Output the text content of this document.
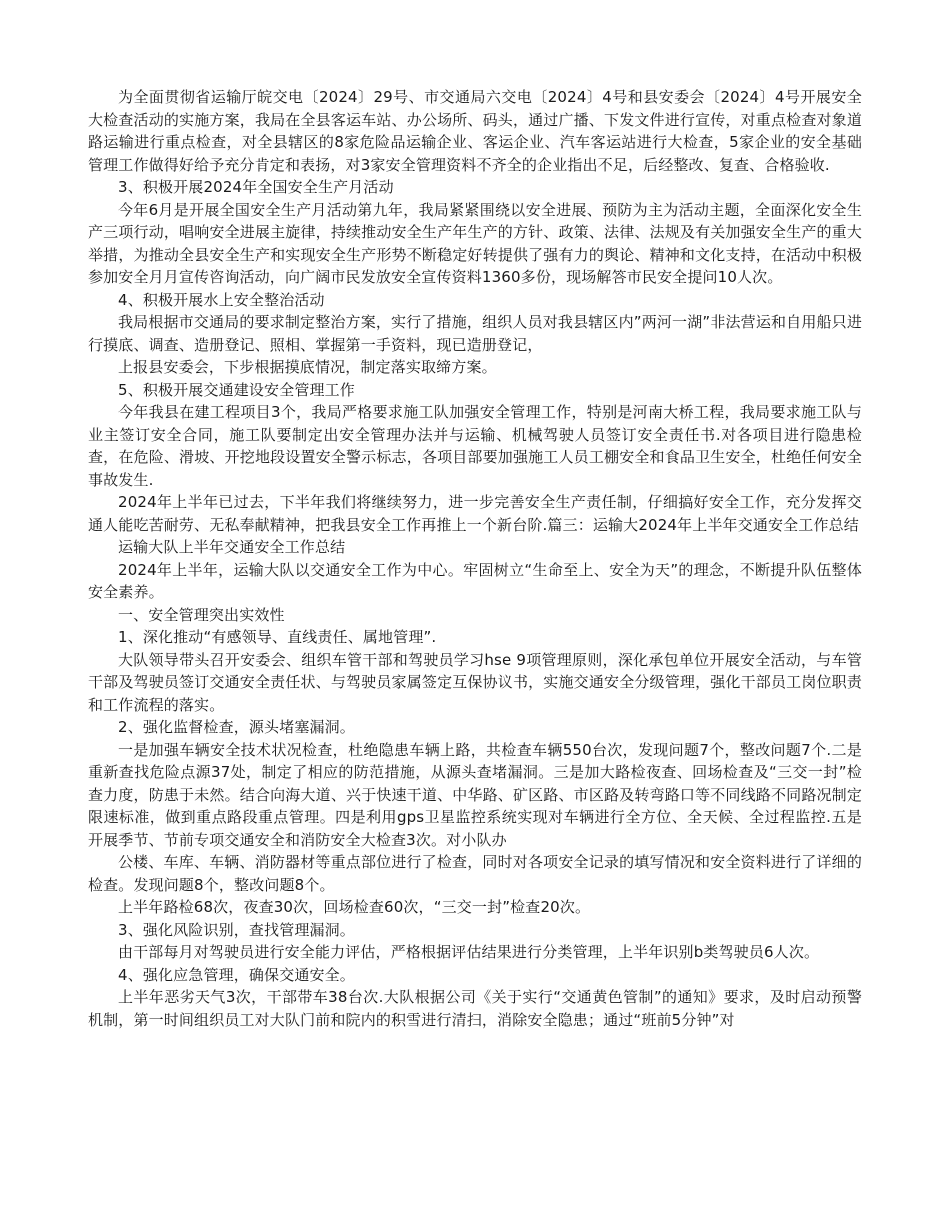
为全面贯彻省运输厅皖交电〔2024〕29号、市交通局六交电〔2024〕4号和县安委会〔2024〕4号开展安全大检查活动的实施方案，我局在全县客运车站、办公场所、码头，通过广播、下发文件进行宣传，对重点检查对象道路运输进行重点检查，对全县辖区的8家危险品运输企业、客运企业、汽车客运站进行大检查，5家企业的安全基础管理工作做得好给予充分肯定和表扬，对3家安全管理资料不齐全的企业指出不足，后经整改、复查、合格验收.

3、积极开展2024年全国安全生产月活动

今年6月是开展全国安全生产月活动第九年，我局紧紧围绕以安全进展、预防为主为活动主题，全面深化安全生产三项行动，唱响安全进展主旋律，持续推动安全生产年生产的方针、政策、法律、法规及有关加强安全生产的重大举措，为推动全县安全生产和实现安全生产形势不断稳定好转提供了强有力的舆论、精神和文化支持，在活动中积极参加安全月月宣传咨询活动，向广阔市民发放安全宣传资料1360多份，现场解答市民安全提问10人次。

4、积极开展水上安全整治活动

我局根据市交通局的要求制定整治方案，实行了措施，组织人员对我县辖区内”两河一湖”非法营运和自用船只进行摸底、调查、造册登记、照相、掌握第一手资料，现已造册登记，

上报县安委会，下步根据摸底情况，制定落实取缔方案。

5、积极开展交通建设安全管理工作

今年我县在建工程项目3个，我局严格要求施工队加强安全管理工作，特别是河南大桥工程，我局要求施工队与业主签订安全合同，施工队要制定出安全管理办法并与运输、机械驾驶人员签订安全责任书.对各项目进行隐患检查，在危险、滑坡、开挖地段设置安全警示标志，各项目部要加强施工人员工棚安全和食品卫生安全，杜绝任何安全事故发生.

2024年上半年已过去，下半年我们将继续努力，进一步完善安全生产责任制，仔细搞好安全工作，充分发挥交通人能吃苦耐劳、无私奉献精神，把我县安全工作再推上一个新台阶.篇三：运输大2024年上半年交通安全工作总结

运输大队上半年交通安全工作总结

2024年上半年，运输大队以交通安全工作为中心。牢固树立“生命至上、安全为天”的理念，不断提升队伍整体安全素养。

一、安全管理突出实效性

1、深化推动“有感领导、直线责任、属地管理”.

大队领导带头召开安委会、组织车管干部和驾驶员学习hse 9项管理原则，深化承包单位开展安全活动，与车管干部及驾驶员签订交通安全责任状、与驾驶员家属签定互保协议书，实施交通安全分级管理，强化干部员工岗位职责和工作流程的落实。

2、强化监督检查，源头堵塞漏洞。

一是加强车辆安全技术状况检查，杜绝隐患车辆上路，共检查车辆550台次，发现问题7个，整改问题7个.二是重新查找危险点源37处，制定了相应的防范措施，从源头查堵漏洞。三是加大路检夜查、回场检查及“三交一封”检查力度，防患于未然。结合向海大道、兴于快速干道、中华路、矿区路、市区路及转弯路口等不同线路不同路况制定限速标准，做到重点路段重点管理。四是利用gps卫星监控系统实现对车辆进行全方位、全天候、全过程监控.五是开展季节、节前专项交通安全和消防安全大检查3次。对小队办

公楼、车库、车辆、消防器材等重点部位进行了检查，同时对各项安全记录的填写情况和安全资料进行了详细的检查。发现问题8个，整改问题8个。

上半年路检68次，夜查30次，回场检查60次，“三交一封”检查20次。

3、强化风险识别，查找管理漏洞。

由干部每月对驾驶员进行安全能力评估，严格根据评估结果进行分类管理，上半年识别b类驾驶员6人次。

4、强化应急管理，确保交通安全。

上半年恶劣天气3次，干部带车38台次.大队根据公司《关于实行“交通黄色管制”的通知》要求，及时启动预警机制，第一时间组织员工对大队门前和院内的积雪进行清扫，消除安全隐患；通过“班前5分钟”对
